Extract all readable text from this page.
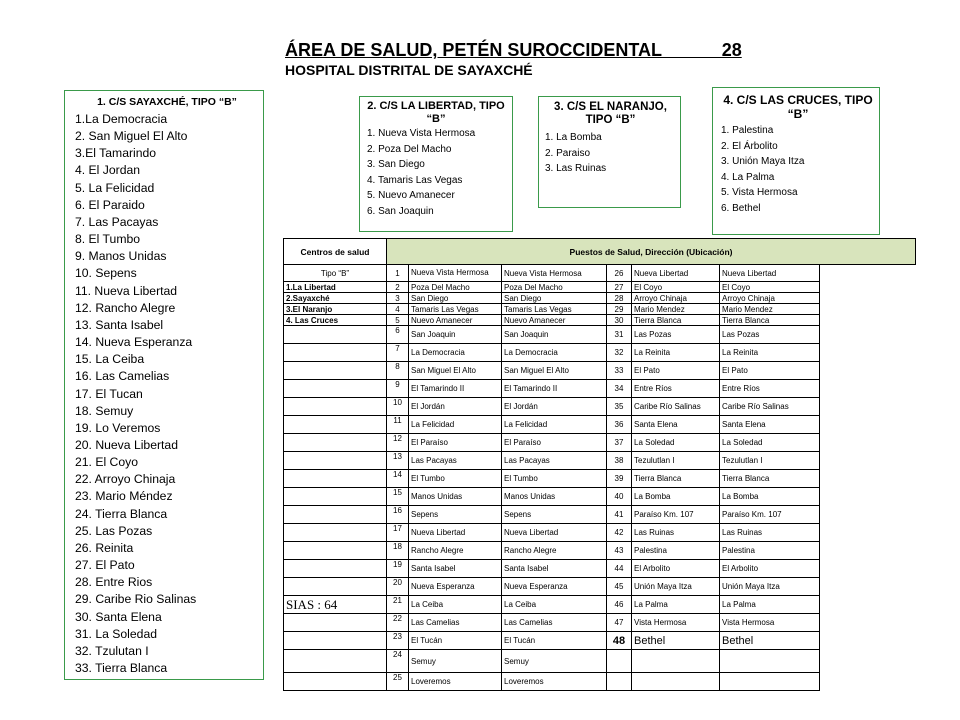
ÁREA DE SALUD, PETÉN SUROCCIDENTAL            28
HOSPITAL DISTRITAL DE SAYAXCHÉ
1. C/S SAYAXCHÉ, TIPO “B”
1.La Democracia
2. San Miguel El Alto
3.El Tamarindo
4. El Jordan
5. La Felicidad
6. El Paraido
7. Las Pacayas
8. El Tumbo
9. Manos Unidas
10. Sepens
11. Nueva Libertad
12. Rancho Alegre
13. Santa Isabel
14. Nueva Esperanza
15. La Ceiba
16. Las Camelias
17. El Tucan
18. Semuy
19. Lo Veremos
20. Nueva Libertad
21. El Coyo
22. Arroyo Chinaja
23. Mario Méndez
24. Tierra Blanca
25. Las Pozas
26. Reinita
27. El Pato
28. Entre Rios
29. Caribe Rio Salinas
30. Santa Elena
31. La Soledad
32. Tzulutan I
33. Tierra Blanca
2. C/S LA LIBERTAD, TIPO “B”
1. Nueva Vista Hermosa
2. Poza Del Macho
3. San Diego
4. Tamaris Las Vegas
5. Nuevo Amanecer
6. San Joaquin
3. C/S EL NARANJO, TIPO “B”
1. La Bomba
2. Paraiso
3. Las Ruinas
4. C/S LAS CRUCES, TIPO “B”
1. Palestina
2. El Árbolito
3. Unión Maya Itza
4. La Palma
5. Vista Hermosa
6. Bethel
Centros de salud	Puestos de Salud, Dirección (Ubicación)					
Tipo “B”	1	Nueva Vista Hermosa	Nueva Vista Hermosa	26	Nueva Libertad	Nueva Libertad
1.La Libertad	2	Poza Del Macho	Poza Del Macho	27	El Coyo	El Coyo
2.Sayaxché	3	San Diego	San Diego	28	Arroyo Chinaja	Arroyo Chinaja
3.El Naranjo	4	Tamaris Las Vegas	Tamaris Las Vegas	29	Mario Mendez	Mario Mendez
4. Las Cruces	5	Nuevo Amanecer	Nuevo Amanecer	30	Tierra Blanca	Tierra Blanca
	6	San Joaquin	San Joaquin	31	Las Pozas	Las Pozas
	7	La Democracia	La Democracia	32	La Reinita	La Reinita
	8	San Miguel El Alto	San Miguel El Alto	33	El Pato	El Pato
	9	El Tamarindo II	El Tamarindo II	34	Entre Ríos	Entre Ríos
	10	El Jordán	El Jordán	35	Caribe Río Salinas	Caribe Río Salinas
	11	La Felicidad	La Felicidad	36	Santa Elena	Santa Elena
	12	El Paraíso	El Paraíso	37	La Soledad	La Soledad
	13	Las Pacayas	Las Pacayas	38	Tezulutlan I	Tezulutlan I
	14	El Tumbo	El Tumbo	39	Tierra Blanca	Tierra Blanca
	15	Manos Unidas	Manos Unidas	40	La Bomba	La Bomba
	16	Sepens	Sepens	41	Paraíso Km. 107	Paraíso Km. 107
	17	Nueva Libertad	Nueva Libertad	42	Las Ruinas	Las Ruinas
	18	Rancho Alegre	Rancho Alegre	43	Palestina	Palestina
	19	Santa Isabel	Santa Isabel	44	El Arbolito	El Arbolito
	20	Nueva Esperanza	Nueva Esperanza	45	Unión Maya Itza	Unión Maya Itza
SIAS : 64	21	La Ceiba	La Ceiba	46	La Palma	La Palma
	22	Las Camelias	Las Camelias	47	Vista Hermosa	Vista Hermosa
	23	El Tucán	El Tucán	48	Bethel	Bethel
	24	Semuy	Semuy			
	25	Loveremos	Loveremos			
